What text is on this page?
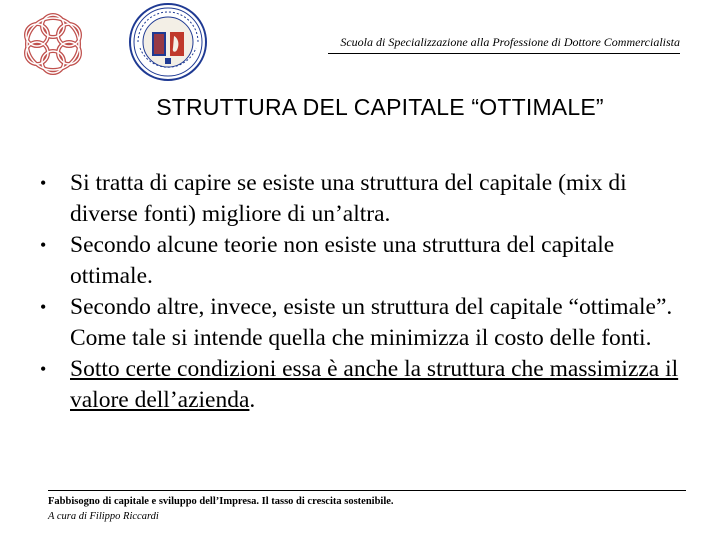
Scuola di Specializzazione alla Professione di Dottore Commercialista
STRUTTURA DEL CAPITALE “OTTIMALE”
• Si tratta di capire se esiste una struttura del capitale (mix di diverse fonti) migliore di un’altra.
• Secondo alcune teorie non esiste una struttura del capitale ottimale.
• Secondo altre, invece, esiste un struttura del capitale “ottimale”. Come tale si intende quella che minimizza il costo delle fonti.
• Sotto certe condizioni essa è anche la struttura che massimizza il valore dell’azienda.
Fabbisogno di capitale e sviluppo dell’Impresa. Il tasso di crescita sostenibile.
A cura di Filippo Riccardi
